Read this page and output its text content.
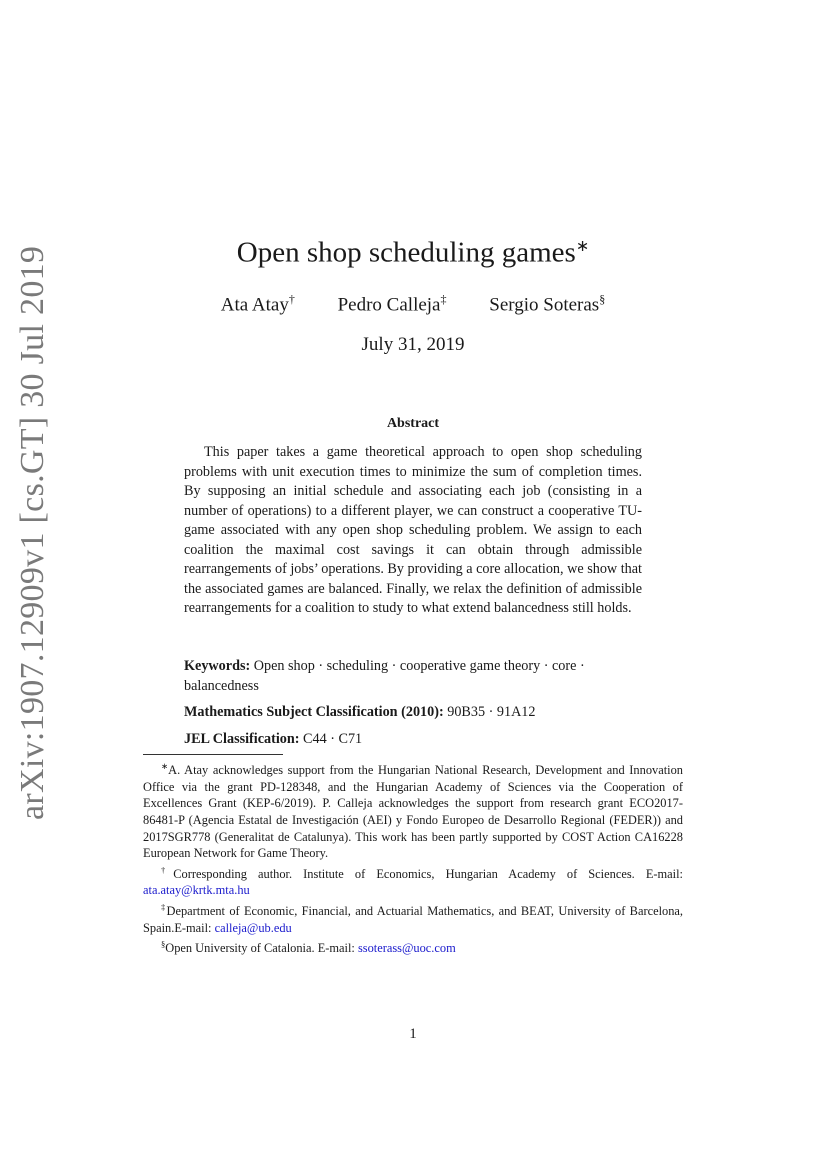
arXiv:1907.12909v1 [cs.GT] 30 Jul 2019	Open shop scheduling games∗
Ata Atay† Pedro Calleja‡ Sergio Soteras§
July 31, 2019
Abstract
This paper takes a game theoretical approach to open shop scheduling problems with unit execution times to minimize the sum of completion times. By supposing an initial schedule and associating each job (consisting in a number of operations) to a different player, we can construct a cooperative TU-game associated with any open shop scheduling problem. We assign to each coalition the maximal cost savings it can obtain through admissible rearrangements of jobs’ operations. By providing a core allocation, we show that the associated games are balanced. Finally, we relax the definition of admissible rearrangements for a coalition to study to what extend balancedness still holds.
Keywords: Open shop · scheduling · cooperative game theory · core · balancedness
Mathematics Subject Classification (2010): 90B35 · 91A12
JEL Classification: C44 · C71

∗A. Atay acknowledges support from the Hungarian National Research, Development and Innovation Office via the grant PD-128348, and the Hungarian Academy of Sciences via the Cooperation of Excellences Grant (KEP-6/2019). P. Calleja acknowledges the support from research grant ECO2017-86481-P (Agencia Estatal de Investigación (AEI) y Fondo Europeo de Desarrollo Regional (FEDER)) and 2017SGR778 (Generalitat de Catalunya). This work has been partly supported by COST Action CA16228 European Network for Game Theory.

†Corresponding author. Institute of Economics, Hungarian Academy of Sciences. E-mail: ata.atay@krtk.mta.hu

‡Department of Economic, Financial, and Actuarial Mathematics, and BEAT, University of Barcelona, Spain.E-mail: calleja@ub.edu

§Open University of Catalonia. E-mail: ssoterass@uoc.com

1
